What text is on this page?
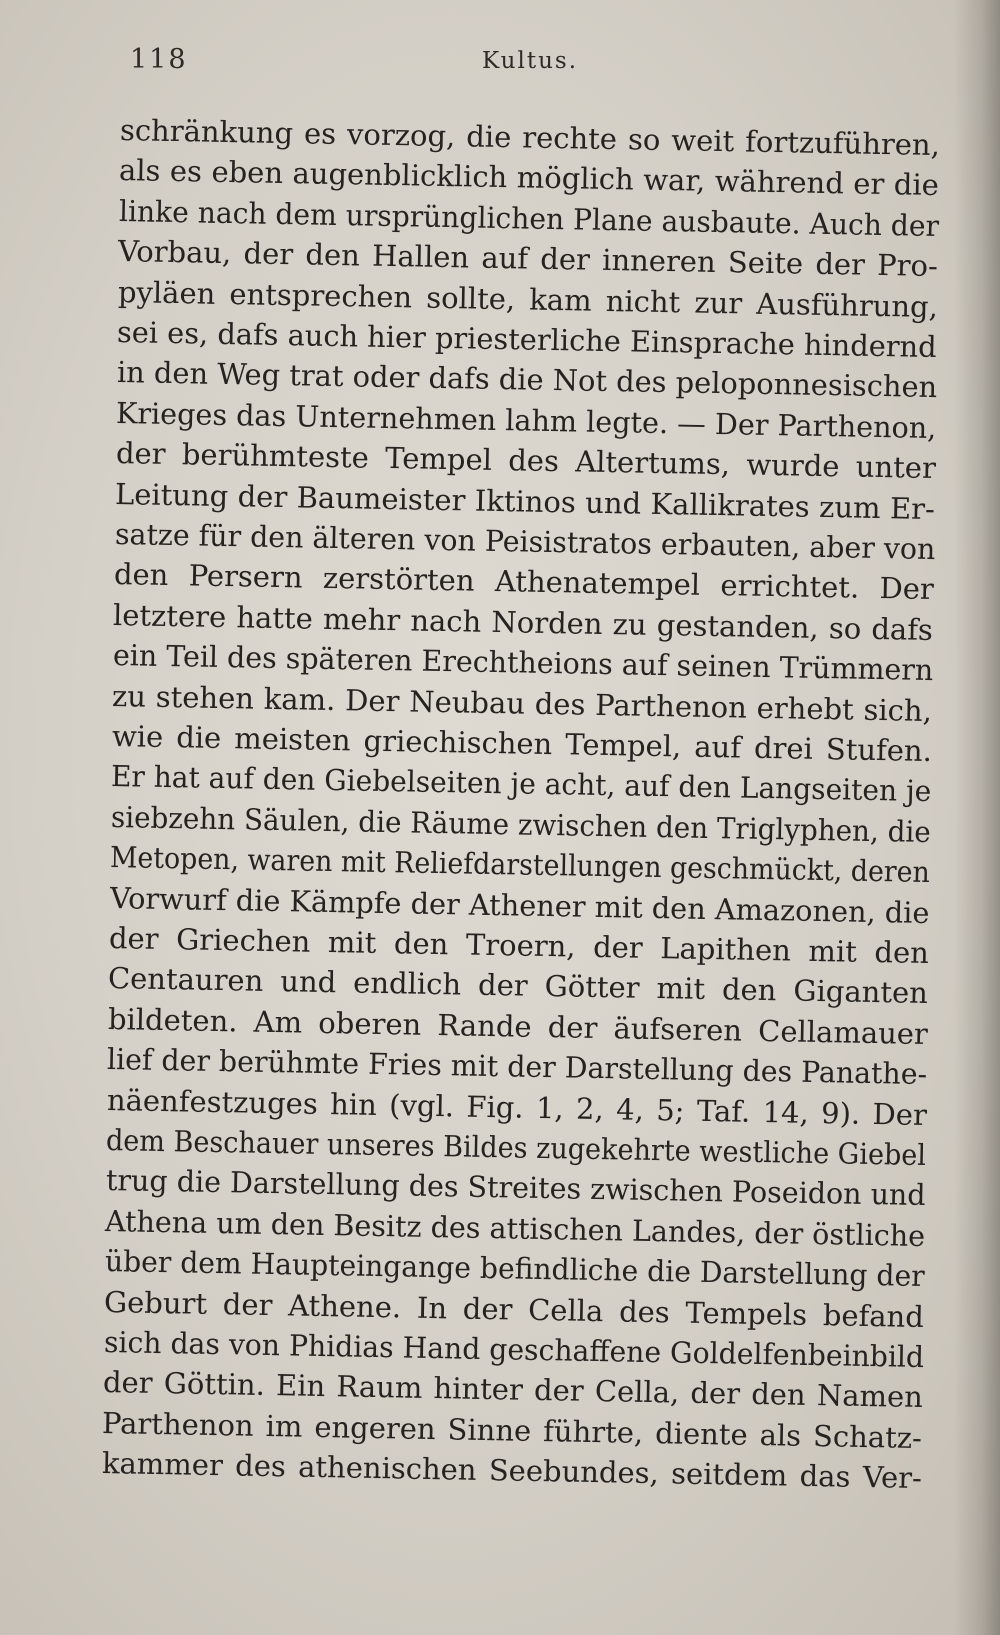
118	Kultus.
schränkung es vorzog, die rechte so weit fortzuführen,
als es eben augenblicklich möglich war, während er die
linke nach dem ursprünglichen Plane ausbaute. Auch der
Vorbau, der den Hallen auf der inneren Seite der Pro-
pyläen entsprechen sollte, kam nicht zur Ausführung,
sei es, dafs auch hier priesterliche Einsprache hindernd
in den Weg trat oder dafs die Not des peloponnesischen
Krieges das Unternehmen lahm legte. — Der Parthenon,
der berühmteste Tempel des Altertums, wurde unter
Leitung der Baumeister Iktinos und Kallikrates zum Er-
satze für den älteren von Peisistratos erbauten, aber von
den Persern zerstörten Athenatempel errichtet. Der
letztere hatte mehr nach Norden zu gestanden, so dafs
ein Teil des späteren Erechtheions auf seinen Trümmern
zu stehen kam. Der Neubau des Parthenon erhebt sich,
wie die meisten griechischen Tempel, auf drei Stufen.
Er hat auf den Giebelseiten je acht, auf den Langseiten je
siebzehn Säulen, die Räume zwischen den Triglyphen, die
Metopen, waren mit Reliefdarstellungen geschmückt, deren
Vorwurf die Kämpfe der Athener mit den Amazonen, die
der Griechen mit den Troern, der Lapithen mit den
Centauren und endlich der Götter mit den Giganten
bildeten. Am oberen Rande der äufseren Cellamauer
lief der berühmte Fries mit der Darstellung des Panathe-
näenfestzuges hin (vgl. Fig. 1, 2, 4, 5; Taf. 14, 9). Der
dem Beschauer unseres Bildes zugekehrte westliche Giebel
trug die Darstellung des Streites zwischen Poseidon und
Athena um den Besitz des attischen Landes, der östliche
über dem Haupteingange befindliche die Darstellung der
Geburt der Athene. In der Cella des Tempels befand
sich das von Phidias Hand geschaffene Goldelfenbeinbild
der Göttin. Ein Raum hinter der Cella, der den Namen
Parthenon im engeren Sinne führte, diente als Schatz-
kammer des athenischen Seebundes, seitdem das Ver-
